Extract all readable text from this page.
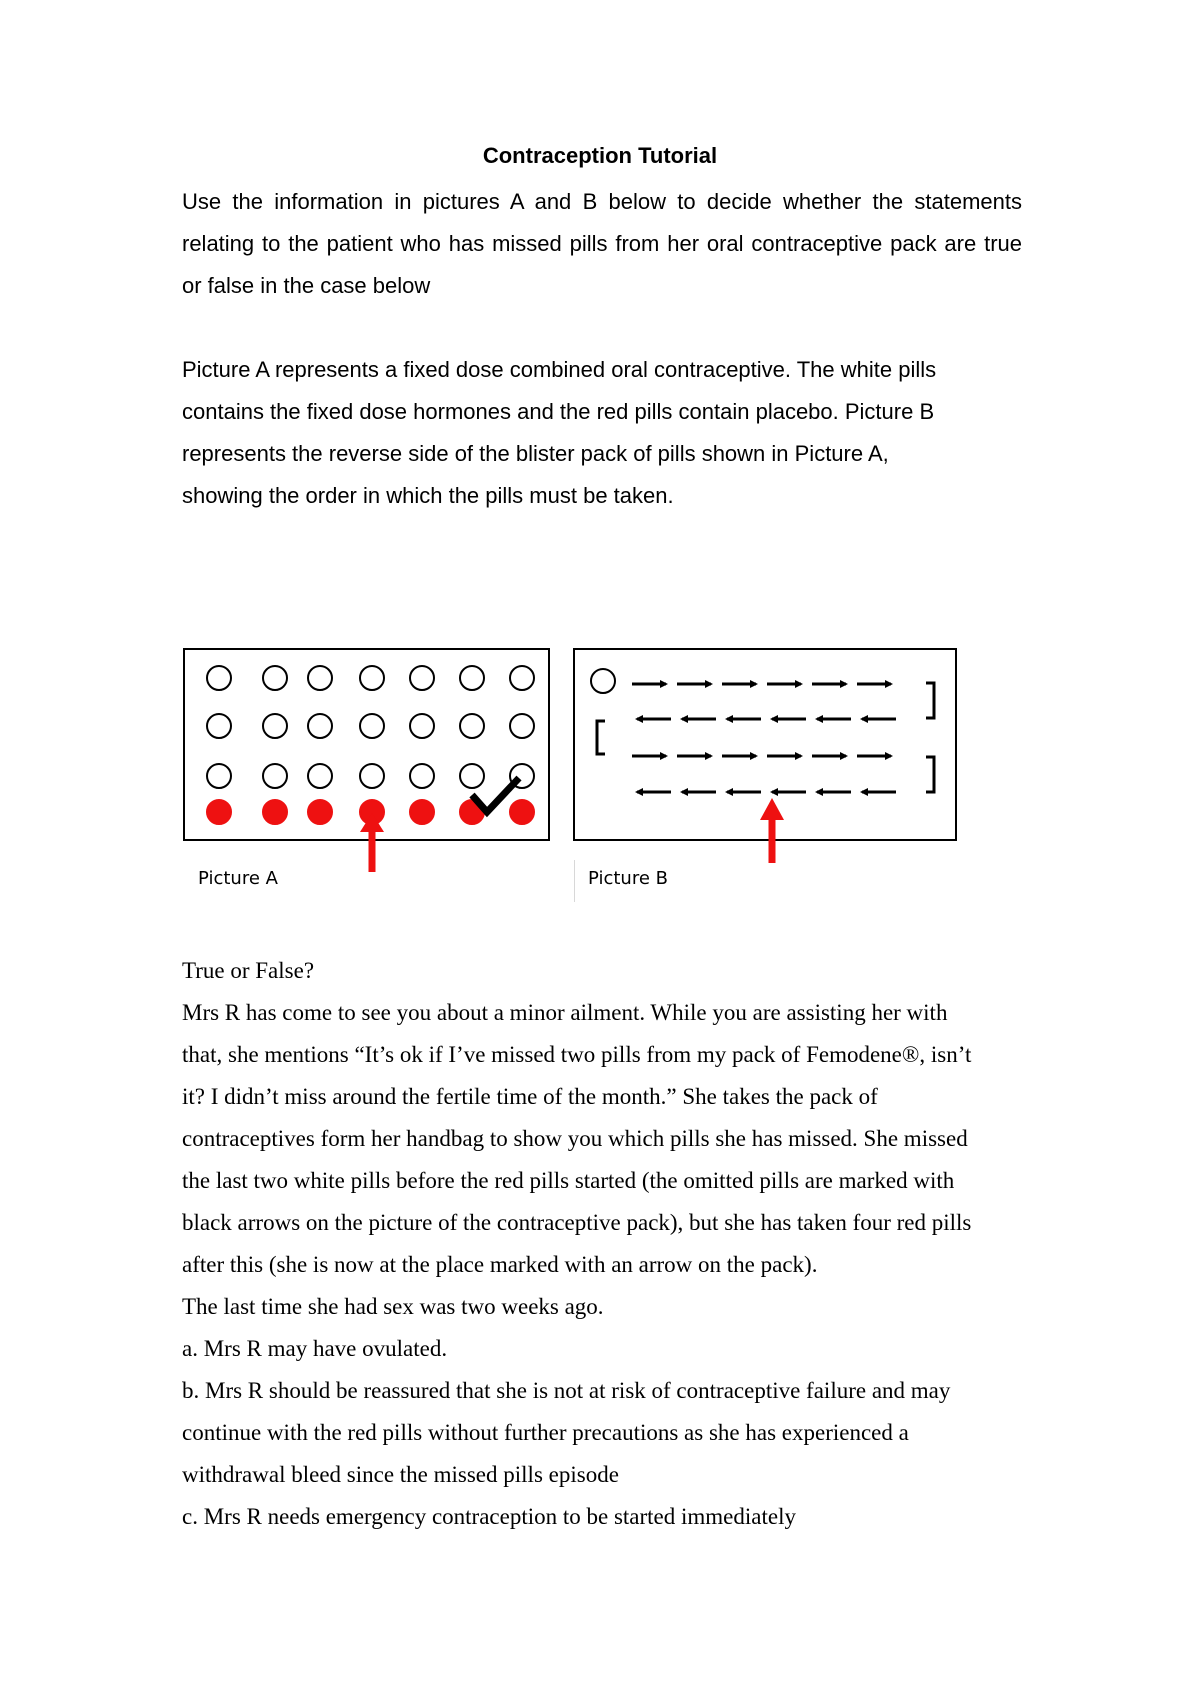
Contraception Tutorial

Use the information in pictures A and B below to decide whether the statements relating to the patient who has missed pills from her oral contraceptive pack are true or false in the case below

Picture A represents a fixed dose combined oral contraceptive. The white pills

contains the fixed dose hormones and the red pills contain placebo. Picture B

represents the reverse side of the blister pack of pills shown in Picture A,

showing the order in which the pills must be taken.

Picture A	Picture B

True or False?

Mrs R has come to see you about a minor ailment. While you are assisting her with

that, she mentions “It’s ok if I’ve missed two pills from my pack of Femodene®, isn’t

it? I didn’t miss around the fertile time of the month.” She takes the pack of

contraceptives form her handbag to show you which pills she has missed. She missed

the last two white pills before the red pills started (the omitted pills are marked with

black arrows on the picture of the contraceptive pack), but she has taken four red pills

after this (she is now at the place marked with an arrow on the pack).

The last time she had sex was two weeks ago.

a. Mrs R may have ovulated.

b. Mrs R should be reassured that she is not at risk of contraceptive failure and may

continue with the red pills without further precautions as she has experienced a

withdrawal bleed since the missed pills episode

c. Mrs R needs emergency contraception to be started immediately
